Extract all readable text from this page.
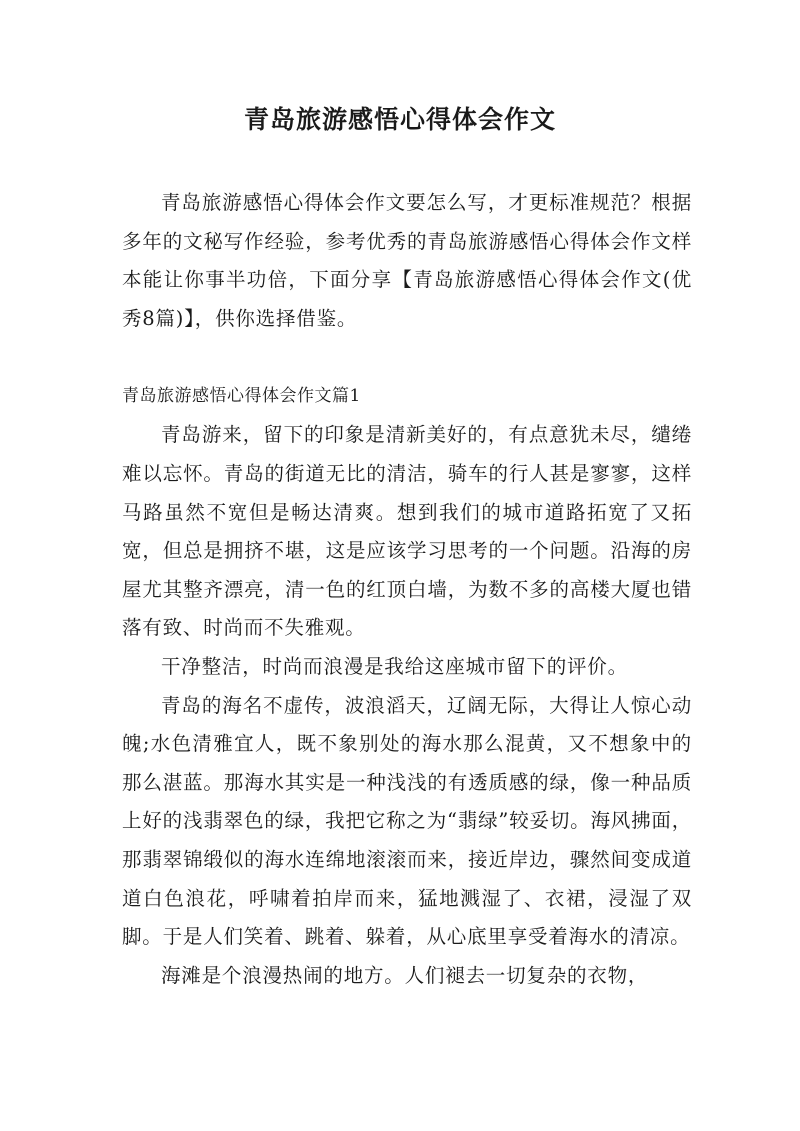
青岛旅游感悟心得体会作文

青岛旅游感悟心得体会作文要怎么写，才更标准规范？根据多年的文秘写作经验，参考优秀的青岛旅游感悟心得体会作文样本能让你事半功倍，下面分享【青岛旅游感悟心得体会作文(优秀8篇)】，供你选择借鉴。

青岛旅游感悟心得体会作文篇1

青岛游来，留下的印象是清新美好的，有点意犹未尽，缱绻难以忘怀。青岛的街道无比的清洁，骑车的行人甚是寥寥，这样马路虽然不宽但是畅达清爽。想到我们的城市道路拓宽了又拓宽，但总是拥挤不堪，这是应该学习思考的一个问题。沿海的房屋尤其整齐漂亮，清一色的红顶白墙，为数不多的高楼大厦也错落有致、时尚而不失雅观。

干净整洁，时尚而浪漫是我给这座城市留下的评价。

青岛的海名不虚传，波浪滔天，辽阔无际，大得让人惊心动魄;水色清雅宜人，既不象别处的海水那么混黄，又不想象中的那么湛蓝。那海水其实是一种浅浅的有透质感的绿，像一种品质上好的浅翡翠色的绿，我把它称之为“翡绿”较妥切。海风拂面，那翡翠锦缎似的海水连绵地滚滚而来，接近岸边，骤然间变成道道白色浪花，呼啸着拍岸而来，猛地溅湿了、衣裙，浸湿了双脚。于是人们笑着、跳着、躲着，从心底里享受着海水的清凉。

海滩是个浪漫热闹的地方。人们褪去一切复杂的衣物，
